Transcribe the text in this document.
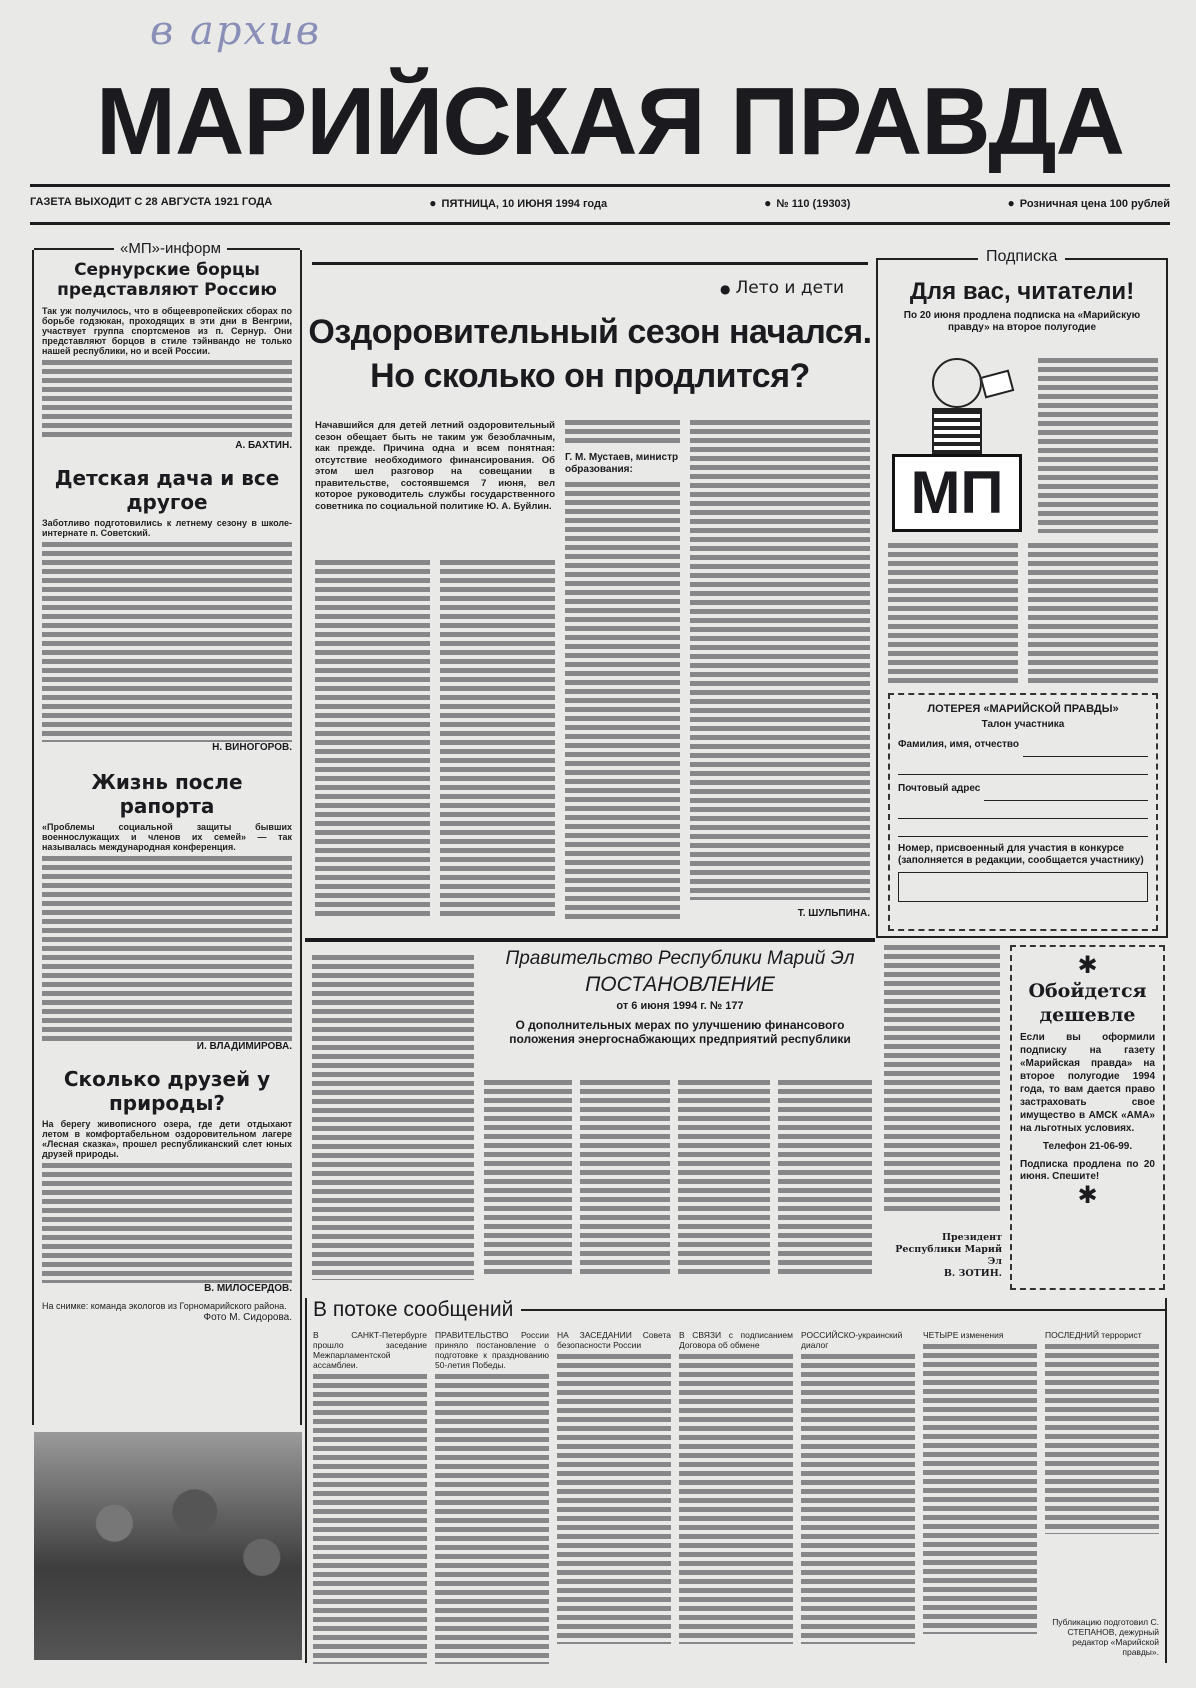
в архив
МАРИЙСКАЯ ПРАВДА
ГАЗЕТА ВЫХОДИТ С 28 АВГУСТА 1921 ГОДА	● ПЯТНИЦА, 10 ИЮНЯ 1994 года	● № 110 (19303)	● Розничная цена 100 рублей
«МП»-информ
Сернурские борцы представляют Россию

Так уж получилось, что в общеевропейских сборах по борьбе годзюкан, проходящих в эти дни в Венгрии, участвует группа спортсменов из п. Сернур. Они представляют борцов в стиле тэйнвандо не только нашей республики, но и всей России.

А. БАХТИН.
Детская дача и все другое

Заботливо подготовились к летнему сезону в школе-интернате п. Советский.

Н. ВИНОГОРОВ.
Жизнь после рапорта

«Проблемы социальной защиты бывших военнослужащих и членов их семей» — так называлась международная конференция.

И. ВЛАДИМИРОВА.
Сколько друзей у природы?

На берегу живописного озера, где дети отдыхают летом в комфортабельном оздоровительном лагере «Лесная сказка», прошел республиканский слет юных друзей природы.

В. МИЛОСЕРДОВ.

На снимке: команда экологов из Горномарийского района.

Фото М. Сидорова.
● Лето и дети
Оздоровительный сезон начался. Но сколько он продлится?

Начавшийся для детей летний оздоровительный сезон обещает быть не таким уж безоблачным, как прежде. Причина одна и всем понятная: отсутствие необходимого финансирования. Об этом шел разговор на совещании в правительстве, состоявшемся 7 июня, вел которое руководитель службы государственного советника по социальной политике Ю. А. Буйлин.

Г. М. Мустаев, министр образования:
Т. ШУЛЬПИНА.
Подписка
Для вас, читатели!
По 20 июня продлена подписка на «Марийскую правду» на второе полугодие
МП
ЛОТЕРЕЯ «МАРИЙСКОЙ ПРАВДЫ»
Талон участника
Фамилия, имя, отчество
Почтовый адрес
Номер, присвоенный для участия в конкурсе (заполняется в редакции, сообщается участнику)
Правительство Республики Марий Эл
ПОСТАНОВЛЕНИЕ
от 6 июня 1994 г. № 177
О дополнительных мерах по улучшению финансового положения энергоснабжающих предприятий республики
Президент Республики Марий Эл
В. ЗОТИН.
✱
Обойдется
дешевле

Если вы оформили подписку на газету «Марийская правда» на второе полугодие 1994 года, то вам дается право застраховать свое имущество в АМСК «АМА» на льготных условиях.

Телефон 21-06-99.

Подписка продлена по 20 июня. Спешите!

✱
В потоке сообщений

В САНКТ-Петербурге прошло заседание Межпарламентской ассамблеи.

ПРАВИТЕЛЬСТВО России приняло постановление о подготовке к празднованию 50-летия Победы.

НА ЗАСЕДАНИИ Совета безопасности России

В СВЯЗИ с подписанием Договора об обмене

РОССИЙСКО-украинский диалог

ЧЕТЫРЕ изменения	ПОСЛЕДНИЙ террорист

Публикацию подготовил С. СТЕПАНОВ, дежурный редактор «Марийской правды».
